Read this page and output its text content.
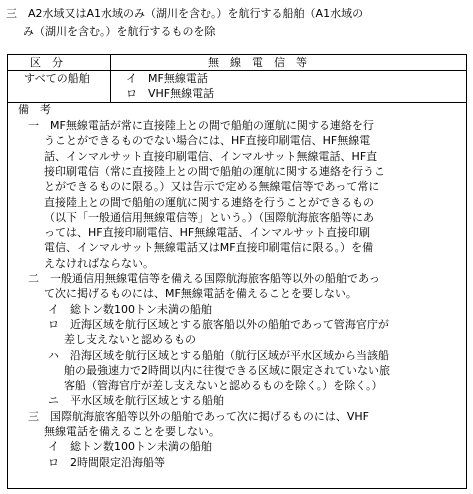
三　A2水域又はA1水域のみ（湖川を含む。）を航行する船舶（A1水域の
み（湖川を含む。）を航行するものを除
区　分	無　線　電　信　等
すべての船舶	イ　MF無線電話
ロ　VHF無線電話
備　考
一　MF無線電話が常に直接陸上との間で船舶の運航に関する連絡を行
うことができるものでない場合には、HF直接印刷電信、HF無線電
話、インマルサット直接印刷電信、インマルサット無線電話、HF直
接印刷電信（常に直接陸上との間で船舶の運航に関する連絡を行うこ
とができるものに限る。）又は告示で定める無線電信等であって常に
直接陸上との間で船舶の運航に関する連絡を行うことができるもの
（以下「一般通信用無線電信等」という。）（国際航海旅客船等にあ
っては、HF直接印刷電信、HF無線電話、インマルサット直接印刷
電信、インマルサット無線電話又はMF直接印刷電信に限る。）を備
えなければならない。
二　一般通信用無線電信等を備える国際航海旅客船等以外の船舶であっ
て次に掲げるものには、MF無線電話を備えることを要しない。
イ　総トン数100トン未満の船舶
ロ　近海区域を航行区域とする旅客船以外の船舶であって管海官庁が
差し支えないと認めるもの
ハ　沿海区域を航行区域とする船舶（航行区域が平水区域から当該船
舶の最強速力で2時間以内に往復できる区域に限定されていない旅
客船（管海官庁が差し支えないと認めるものを除く。）を除く。）
ニ　平水区域を航行区域とする船舶
三　国際航海旅客船等以外の船舶であって次に掲げるものには、VHF
無線電話を備えることを要しない。
イ　総トン数100トン未満の船舶
ロ　2時間限定沿海船等
